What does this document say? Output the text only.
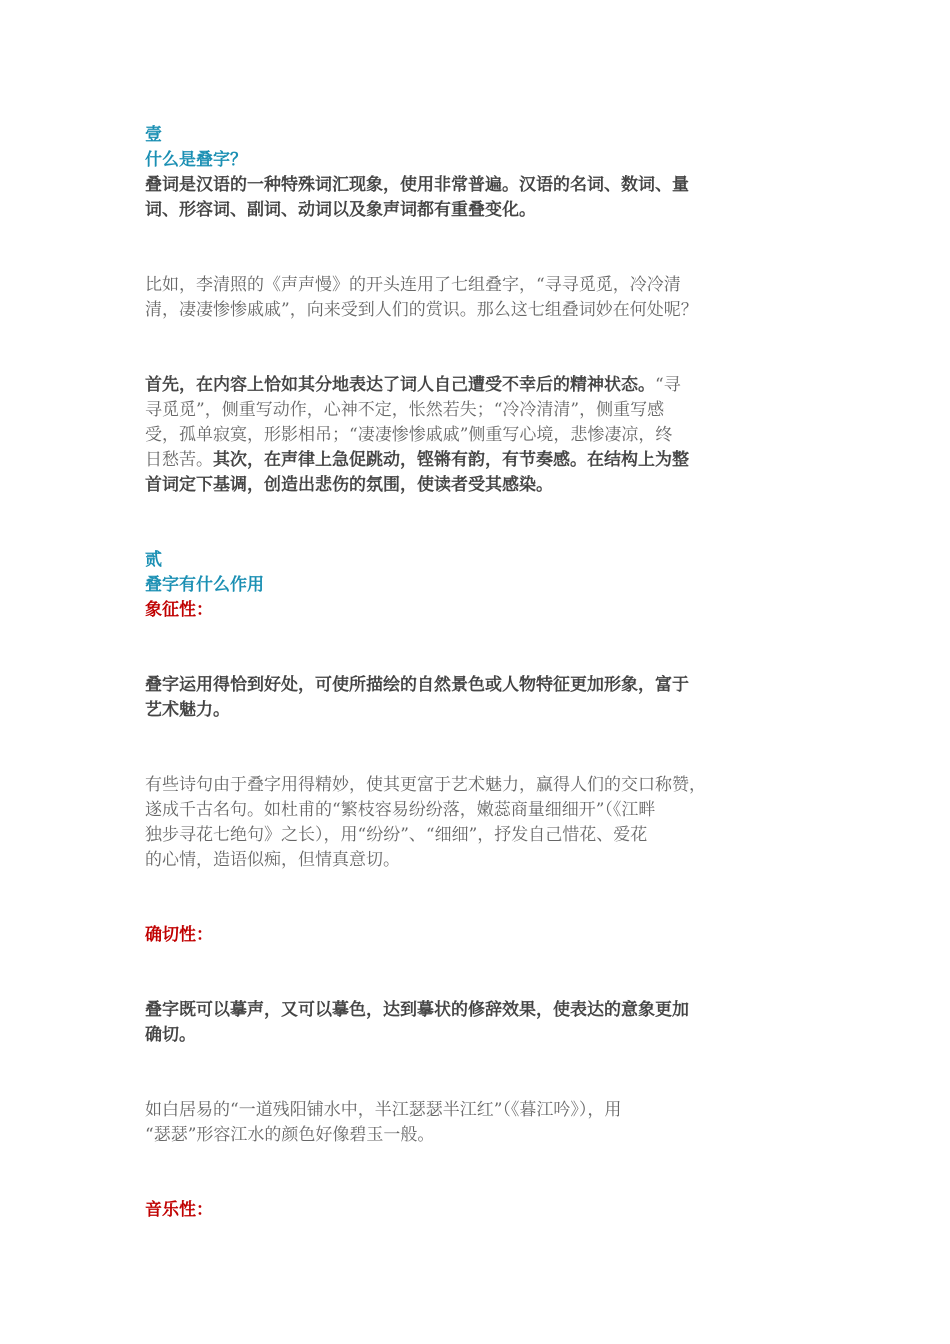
壹
什么是叠字？
叠词是汉语的一种特殊词汇现象，使用非常普遍。汉语的名词、数词、量
词、形容词、副词、动词以及象声词都有重叠变化。
比如，李清照的《声声慢》的开头连用了七组叠字，“寻寻觅觅，冷冷清
清，凄凄惨惨戚戚”，向来受到人们的赏识。那么这七组叠词妙在何处呢？
首先，在内容上恰如其分地表达了词人自己遭受不幸后的精神状态。“寻
寻觅觅”，侧重写动作，心神不定，怅然若失；“冷冷清清”，侧重写感
受，孤单寂寞，形影相吊；“凄凄惨惨戚戚”侧重写心境，悲惨凄凉，终
日愁苦。其次，在声律上急促跳动，铿锵有韵，有节奏感。在结构上为整
首词定下基调，创造出悲伤的氛围，使读者受其感染。
贰
叠字有什么作用
象征性：
叠字运用得恰到好处，可使所描绘的自然景色或人物特征更加形象，富于
艺术魅力。
有些诗句由于叠字用得精妙，使其更富于艺术魅力，赢得人们的交口称赞，
遂成千古名句。如杜甫的“繁枝容易纷纷落，嫩蕊商量细细开”（《江畔
独步寻花七绝句》之长），用“纷纷”、“细细”，抒发自己惜花、爱花
的心情，造语似痴，但情真意切。
确切性：
叠字既可以摹声，又可以摹色，达到摹状的修辞效果，使表达的意象更加
确切。
如白居易的“一道残阳铺水中，半江瑟瑟半江红”（《暮江吟》），用
“瑟瑟”形容江水的颜色好像碧玉一般。
音乐性：
